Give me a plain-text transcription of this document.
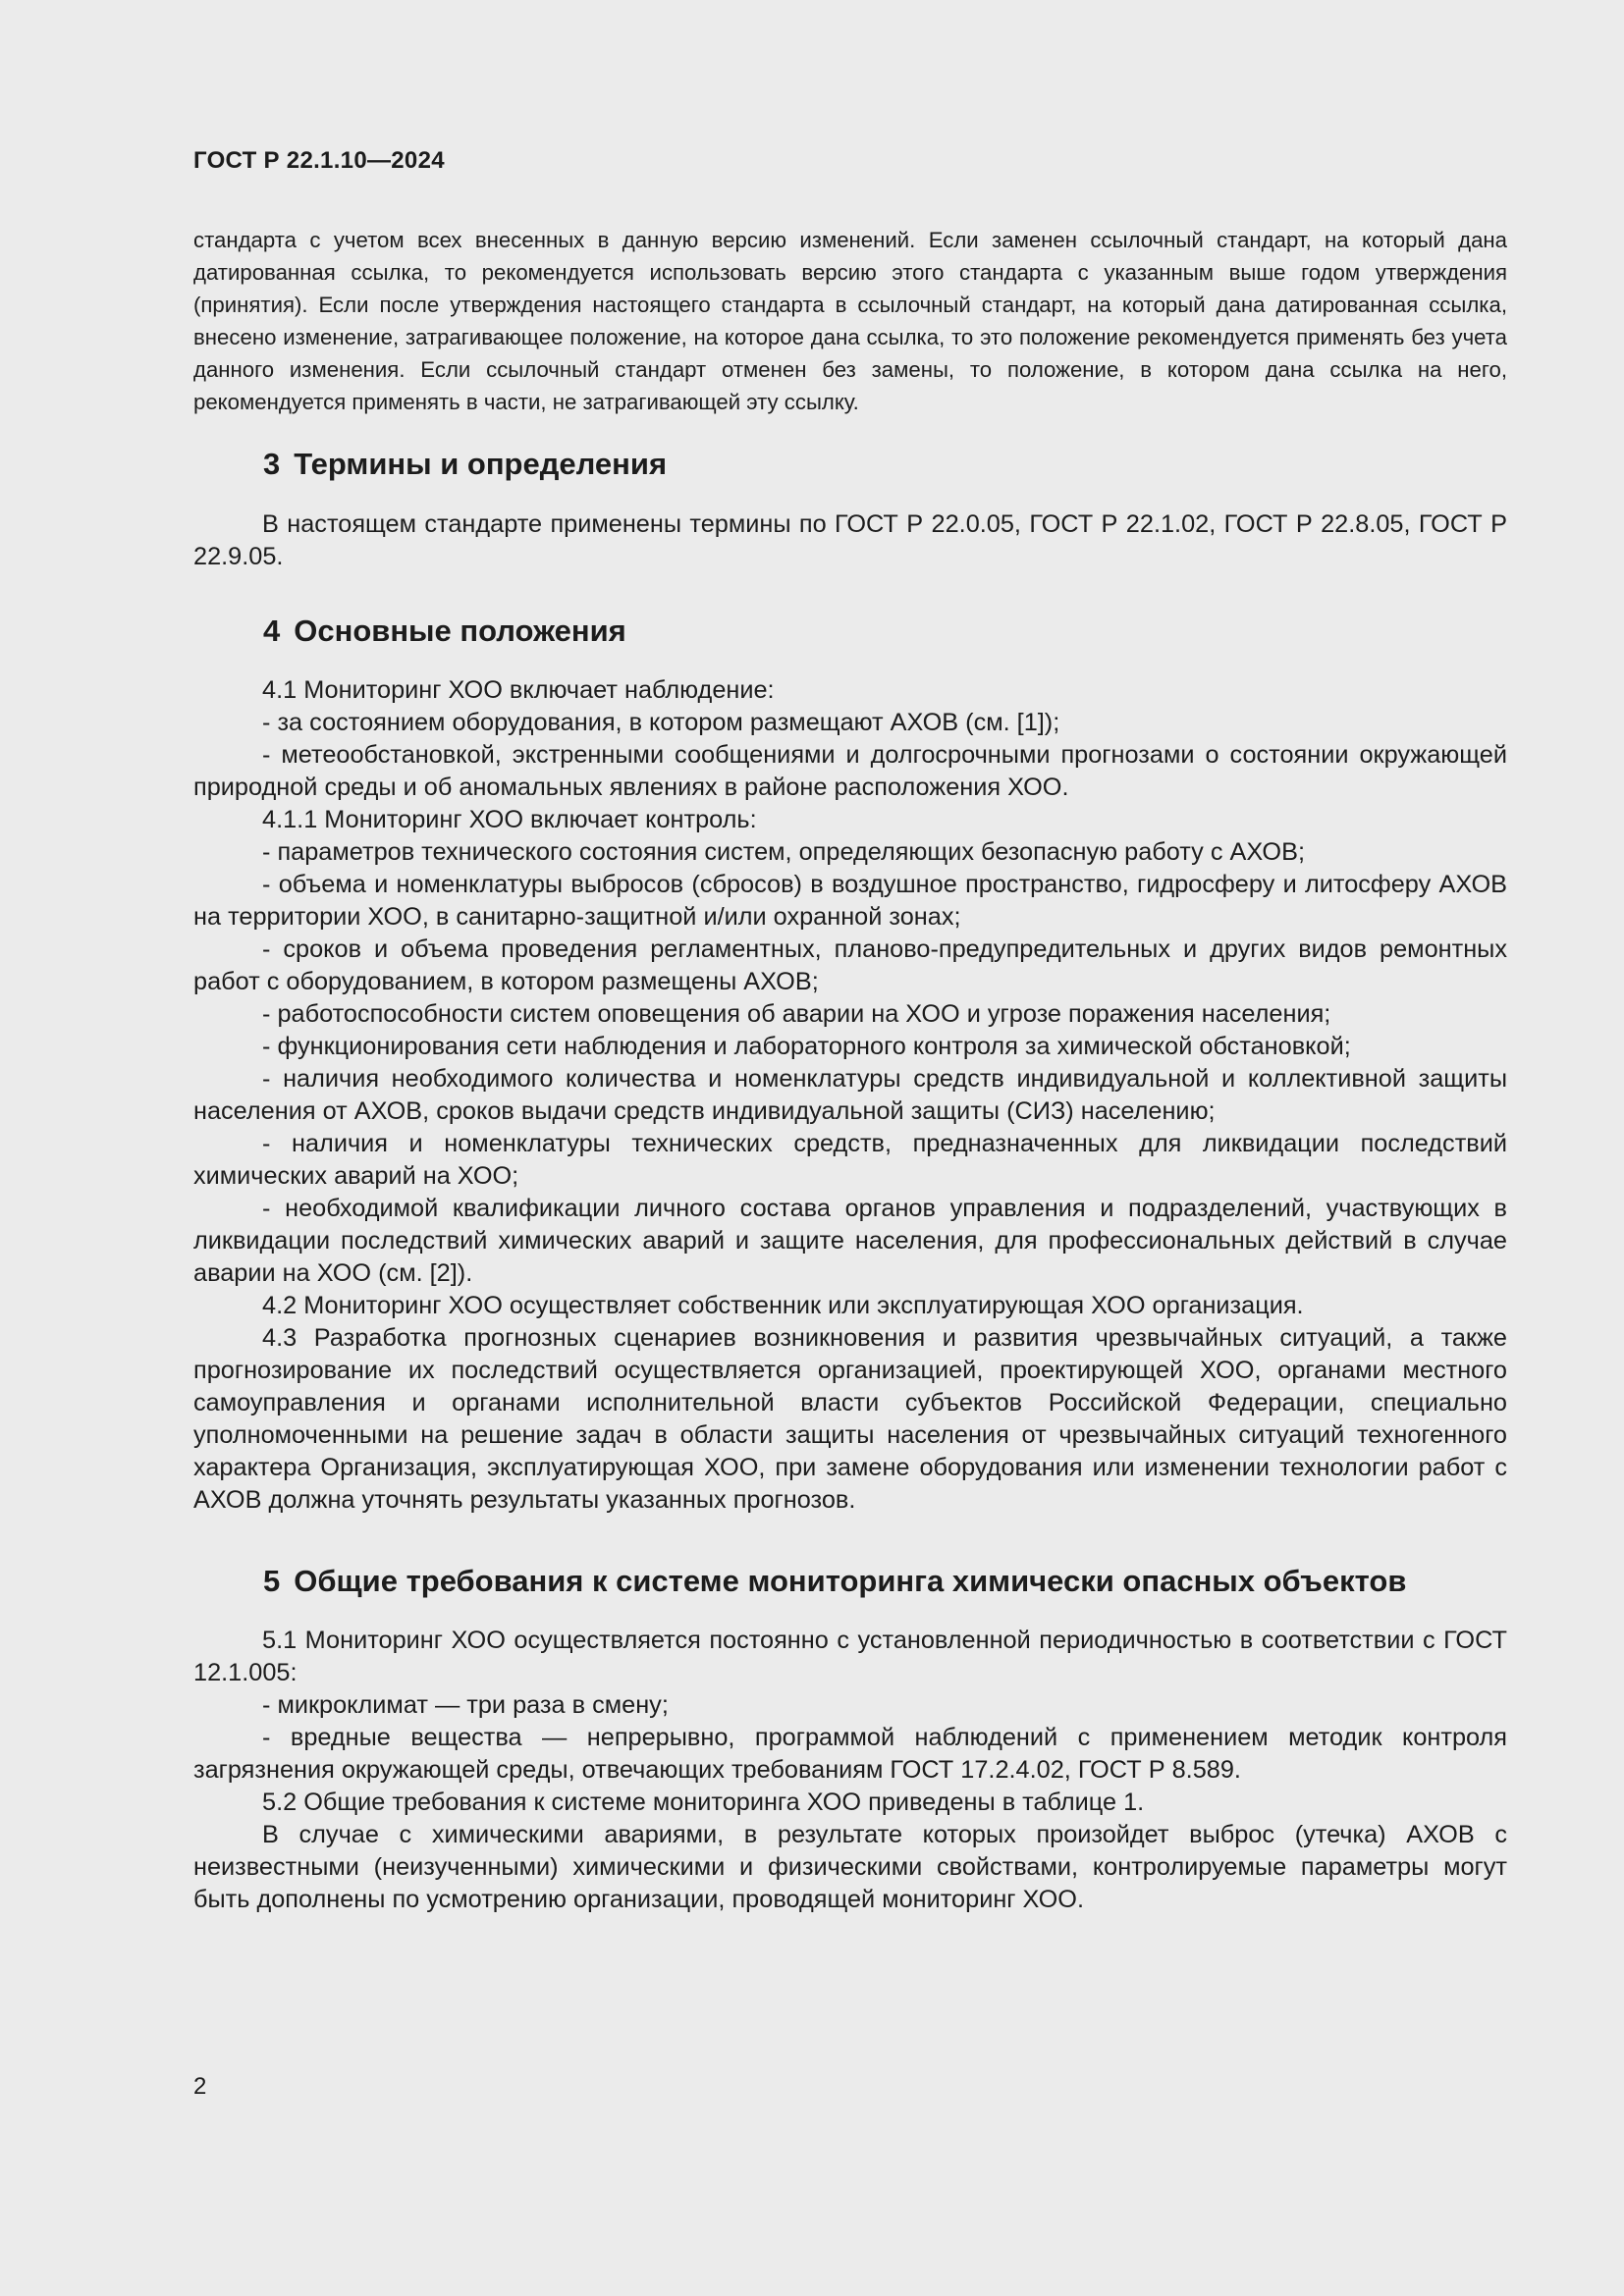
ГОСТ Р 22.1.10—2024

стандарта с учетом всех внесенных в данную версию изменений. Если заменен ссылочный стандарт, на который дана датированная ссылка, то рекомендуется использовать версию этого стандарта с указанным выше годом утверждения (принятия). Если после утверждения настоящего стандарта в ссылочный стандарт, на который дана датированная ссылка, внесено изменение, затрагивающее положение, на которое дана ссылка, то это положение рекомендуется применять без учета данного изменения. Если ссылочный стандарт отменен без замены, то положение, в котором дана ссылка на него, рекомендуется применять в части, не затрагивающей эту ссылку.

3 Термины и определения

В настоящем стандарте применены термины по ГОСТ Р 22.0.05, ГОСТ Р 22.1.02, ГОСТ Р 22.8.05, ГОСТ Р 22.9.05.

4 Основные положения

4.1 Мониторинг ХОО включает наблюдение:

- за состоянием оборудования, в котором размещают АХОВ (см. [1]);

- метеообстановкой, экстренными сообщениями и долгосрочными прогнозами о состоянии окружающей природной среды и об аномальных явлениях в районе расположения ХОО.

4.1.1 Мониторинг ХОО включает контроль:

- параметров технического состояния систем, определяющих безопасную работу с АХОВ;

- объема и номенклатуры выбросов (сбросов) в воздушное пространство, гидросферу и литосферу АХОВ на территории ХОО, в санитарно-защитной и/или охранной зонах;

- сроков и объема проведения регламентных, планово-предупредительных и других видов ремонтных работ с оборудованием, в котором размещены АХОВ;

- работоспособности систем оповещения об аварии на ХОО и угрозе поражения населения;

- функционирования сети наблюдения и лабораторного контроля за химической обстановкой;

- наличия необходимого количества и номенклатуры средств индивидуальной и коллективной защиты населения от АХОВ, сроков выдачи средств индивидуальной защиты (СИЗ) населению;

- наличия и номенклатуры технических средств, предназначенных для ликвидации последствий химических аварий на ХОО;

- необходимой квалификации личного состава органов управления и подразделений, участвующих в ликвидации последствий химических аварий и защите населения, для профессиональных действий в случае аварии на ХОО (см. [2]).

4.2 Мониторинг ХОО осуществляет собственник или эксплуатирующая ХОО организация.

4.3 Разработка прогнозных сценариев возникновения и развития чрезвычайных ситуаций, а также прогнозирование их последствий осуществляется организацией, проектирующей ХОО, органами местного самоуправления и органами исполнительной власти субъектов Российской Федерации, специально уполномоченными на решение задач в области защиты населения от чрезвычайных ситуаций техногенного характера Организация, эксплуатирующая ХОО, при замене оборудования или изменении технологии работ с АХОВ должна уточнять результаты указанных прогнозов.

5 Общие требования к системе мониторинга химически опасных объектов

5.1 Мониторинг ХОО осуществляется постоянно с установленной периодичностью в соответствии с ГОСТ 12.1.005:

- микроклимат — три раза в смену;

- вредные вещества — непрерывно, программой наблюдений с применением методик контроля загрязнения окружающей среды, отвечающих требованиям ГОСТ 17.2.4.02, ГОСТ Р 8.589.

5.2 Общие требования к системе мониторинга ХОО приведены в таблице 1.

В случае с химическими авариями, в результате которых произойдет выброс (утечка) АХОВ с неизвестными (неизученными) химическими и физическими свойствами, контролируемые параметры могут быть дополнены по усмотрению организации, проводящей мониторинг ХОО.

2
